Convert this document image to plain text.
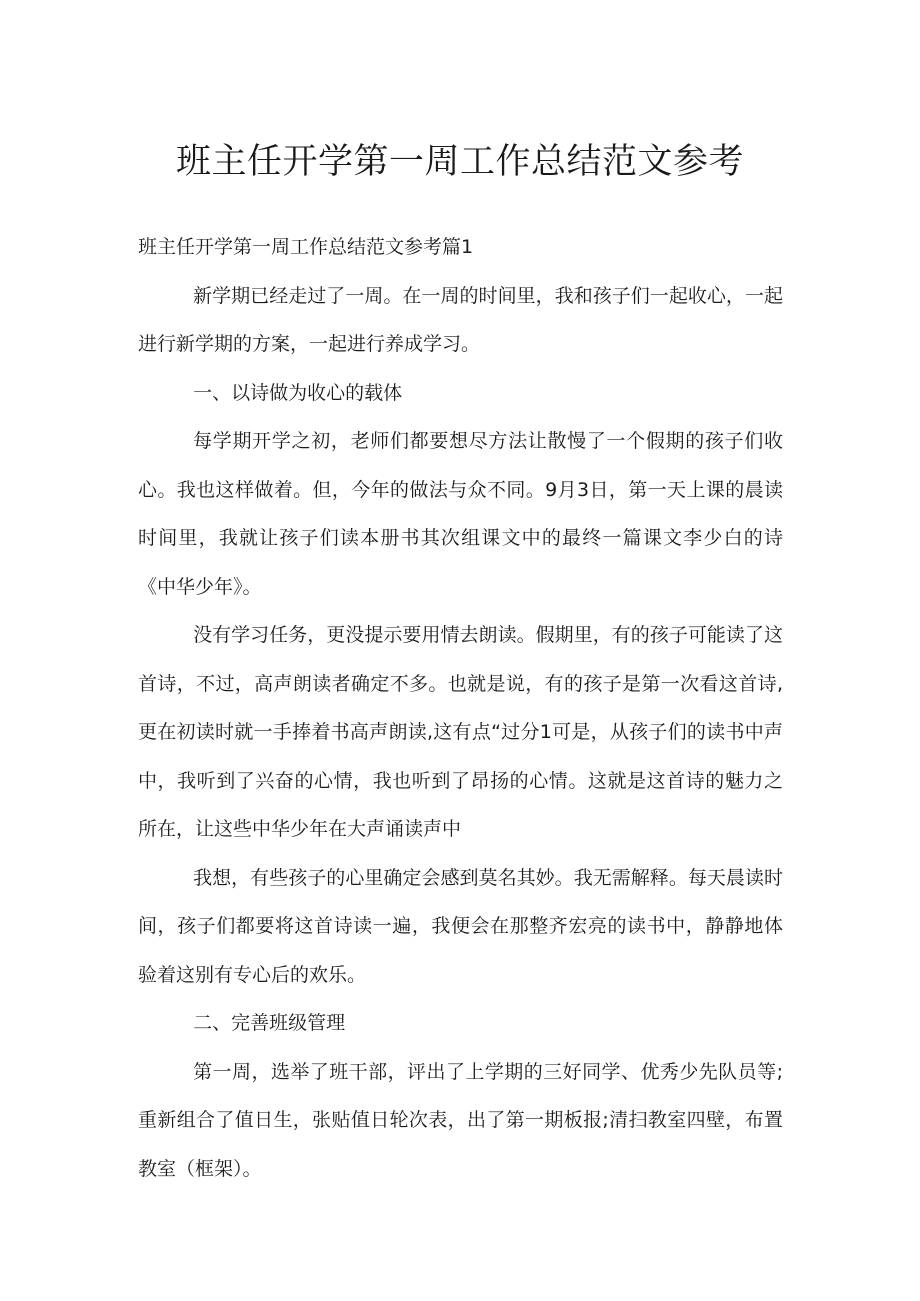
班主任开学第一周工作总结范文参考

班主任开学第一周工作总结范文参考篇1

新学期已经走过了一周。在一周的时间里，我和孩子们一起收心，一起进行新学期的方案，一起进行养成学习。

一、以诗做为收心的载体

每学期开学之初，老师们都要想尽方法让散慢了一个假期的孩子们收心。我也这样做着。但，今年的做法与众不同。9月3日，第一天上课的晨读时间里，我就让孩子们读本册书其次组课文中的最终一篇课文李少白的诗《中华少年》。

没有学习任务，更没提示要用情去朗读。假期里，有的孩子可能读了这首诗，不过，高声朗读者确定不多。也就是说，有的孩子是第一次看这首诗,更在初读时就一手捧着书高声朗读,这有点“过分1可是，从孩子们的读书中声中，我听到了兴奋的心情，我也听到了昂扬的心情。这就是这首诗的魅力之所在，让这些中华少年在大声诵读声中

我想，有些孩子的心里确定会感到莫名其妙。我无需解释。每天晨读时间，孩子们都要将这首诗读一遍，我便会在那整齐宏亮的读书中，静静地体验着这别有专心后的欢乐。

二、完善班级管理

第一周，选举了班干部，评出了上学期的三好同学、优秀少先队员等;重新组合了值日生，张贴值日轮次表，出了第一期板报;清扫教室四壁，布置教室（框架）。
